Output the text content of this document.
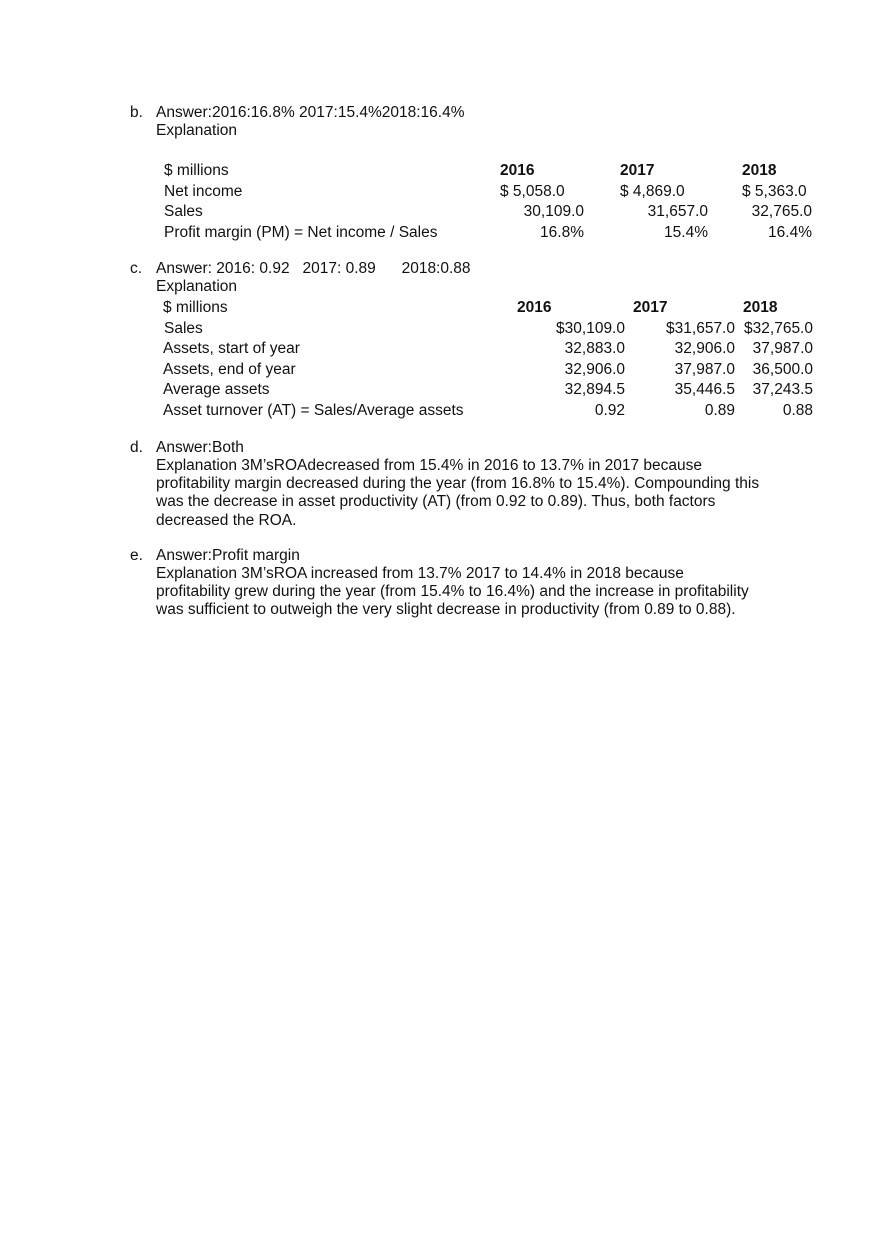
b. Answer:2016:16.8% 2017:15.4%2018:16.4%
Explanation
$ millions	2016	2017	2018
Net income	$ 5,058.0	$ 4,869.0	$ 5,363.0
Sales	30,109.0	31,657.0	32,765.0
Profit margin (PM) = Net income / Sales	16.8%	15.4%	16.4%
c. Answer: 2016: 0.92   2017: 0.89      2018:0.88
Explanation
$ millions	2016	2017	2018
Sales	$30,109.0	$31,657.0	$32,765.0
Assets, start of year	32,883.0	32,906.0	37,987.0
Assets, end of year	32,906.0	37,987.0	36,500.0
Average assets	32,894.5	35,446.5	37,243.5
Asset turnover (AT) = Sales/Average assets	0.92	0.89	0.88
d. Answer:Both
Explanation 3M’sROAdecreased from 15.4% in 2016 to 13.7% in 2017 because
profitability margin decreased during the year (from 16.8% to 15.4%). Compounding this
was the decrease in asset productivity (AT) (from 0.92 to 0.89). Thus, both factors
decreased the ROA.
e. Answer:Profit margin
Explanation 3M’sROA increased from 13.7% 2017 to 14.4% in 2018 because
profitability grew during the year (from 15.4% to 16.4%) and the increase in profitability
was sufficient to outweigh the very slight decrease in productivity (from 0.89 to 0.88).
